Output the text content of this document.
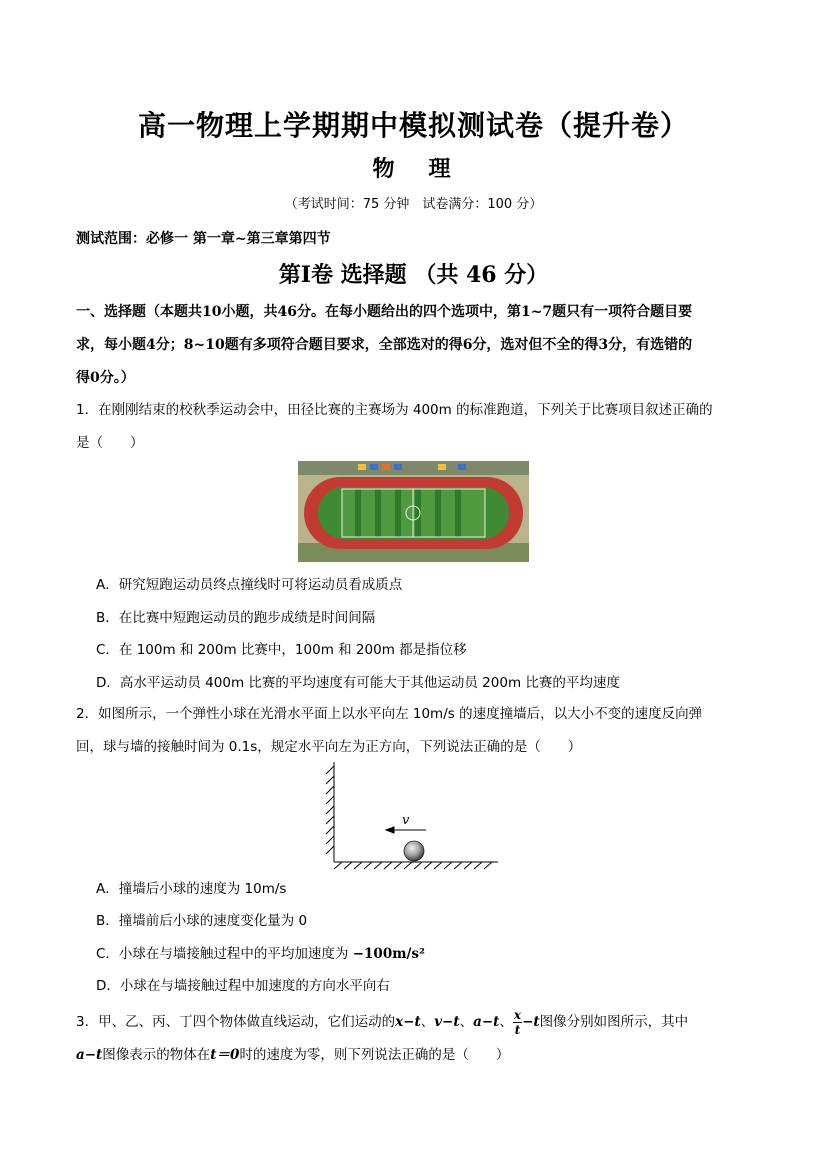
高一物理上学期期中模拟测试卷（提升卷）
物理
（考试时间：75 分钟　试卷满分：100 分）
测试范围：必修一 第一章~第三章第四节
第Ⅰ卷 选择题 （共 46 分）
一、选择题（本题共10小题，共46分。在每小题给出的四个选项中，第1~7题只有一项符合题目要
求，每小题4分；8~10题有多项符合题目要求，全部选对的得6分，选对但不全的得3分，有选错的
得0分。）
1．在刚刚结束的校秋季运动会中，田径比赛的主赛场为 400m 的标准跑道，下列关于比赛项目叙述正确的
是（　　）
A．研究短跑运动员终点撞线时可将运动员看成质点
B．在比赛中短跑运动员的跑步成绩是时间间隔
C．在 100m 和 200m 比赛中，100m 和 200m 都是指位移
D．高水平运动员 400m 比赛的平均速度有可能大于其他运动员 200m 比赛的平均速度
2．如图所示，一个弹性小球在光滑水平面上以水平向左 10m/s 的速度撞墙后，以大小不变的速度反向弹
回，球与墙的接触时间为 0.1s，规定水平向左为正方向，下列说法正确的是（　　）
v
A．撞墙后小球的速度为 10m/s
B．撞墙前后小球的速度变化量为 0
C．小球在与墙接触过程中的平均加速度为 −100m/s²
D．小球在与墙接触过程中加速度的方向水平向右
3．甲、乙、丙、丁四个物体做直线运动，它们运动的x−t、v−t、a−t、 $\frac{x}{t} -t$图像分别如图所示，其中
a−t图像表示的物体在t＝0时的速度为零，则下列说法正确的是（　　）
